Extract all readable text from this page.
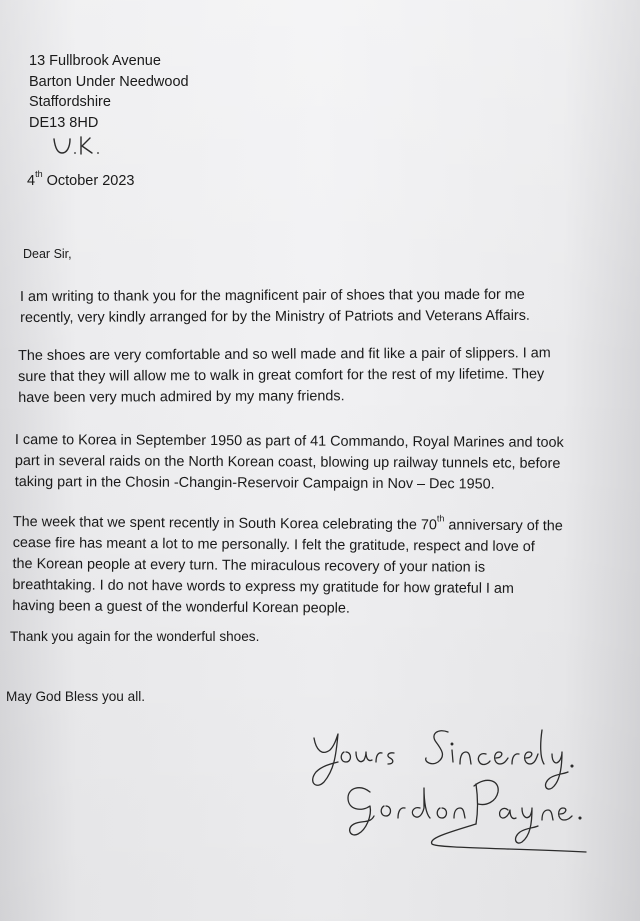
13 Fullbrook Avenue
Barton Under Needwood
Staffordshire
DE13 8HD
4th October 2023
Dear Sir,
I am writing to thank you for the magnificent pair of shoes that you made for me
recently, very kindly arranged for by the Ministry of Patriots and Veterans Affairs.
The shoes are very comfortable and so well made and fit like a pair of slippers. I am
sure that they will allow me to walk in great comfort for the rest of my lifetime. They
have been very much admired by my many friends.
I came to Korea in September 1950 as part of 41 Commando, Royal Marines and took
part in several raids on the North Korean coast, blowing up railway tunnels etc, before
taking part in the Chosin -Changin-Reservoir Campaign in Nov – Dec 1950.
The week that we spent recently in South Korea celebrating the 70th anniversary of the
cease fire has meant a lot to me personally. I felt the gratitude, respect and love of
the Korean people at every turn. The miraculous recovery of your nation is
breathtaking. I do not have words to express my gratitude for how grateful I am
having been a guest of the wonderful Korean people.
Thank you again for the wonderful shoes.
May God Bless you all.
